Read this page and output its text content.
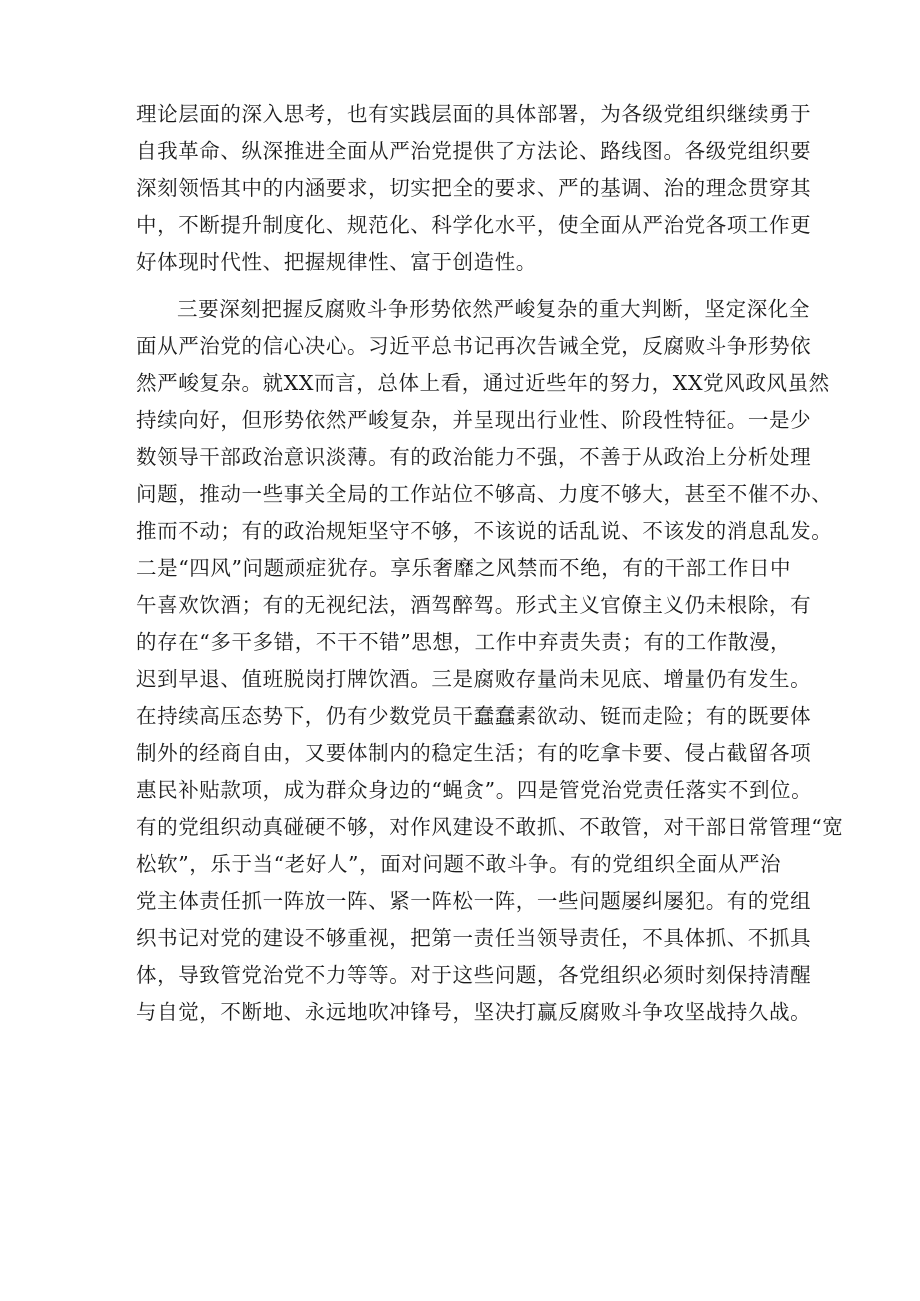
理论层面的深入思考，也有实践层面的具体部署，为各级党组织继续勇于
自我革命、纵深推进全面从严治党提供了方法论、路线图。各级党组织要
深刻领悟其中的内涵要求，切实把全的要求、严的基调、治的理念贯穿其
中，不断提升制度化、规范化、科学化水平，使全面从严治党各项工作更
好体现时代性、把握规律性、富于创造性。
三要深刻把握反腐败斗争形势依然严峻复杂的重大判断，坚定深化全
面从严治党的信心决心。习近平总书记再次告诫全党，反腐败斗争形势依
然严峻复杂。就XX而言，总体上看，通过近些年的努力，XX党风政风虽然
持续向好，但形势依然严峻复杂，并呈现出行业性、阶段性特征。一是少
数领导干部政治意识淡薄。有的政治能力不强，不善于从政治上分析处理
问题，推动一些事关全局的工作站位不够高、力度不够大，甚至不催不办、
推而不动；有的政治规矩坚守不够，不该说的话乱说、不该发的消息乱发。
二是“四风”问题顽症犹存。享乐奢靡之风禁而不绝，有的干部工作日中
午喜欢饮酒；有的无视纪法，酒驾醉驾。形式主义官僚主义仍未根除，有
的存在“多干多错，不干不错”思想，工作中弃责失责；有的工作散漫，
迟到早退、值班脱岗打牌饮酒。三是腐败存量尚未见底、增量仍有发生。
在持续高压态势下，仍有少数党员干蠢蠢素欲动、铤而走险；有的既要体
制外的经商自由，又要体制内的稳定生活；有的吃拿卡要、侵占截留各项
惠民补贴款项，成为群众身边的“蝇贪”。四是管党治党责任落实不到位。
有的党组织动真碰硬不够，对作风建设不敢抓、不敢管，对干部日常管理“宽
松软”，乐于当“老好人”，面对问题不敢斗争。有的党组织全面从严治
党主体责任抓一阵放一阵、紧一阵松一阵，一些问题屡纠屡犯。有的党组
织书记对党的建设不够重视，把第一责任当领导责任，不具体抓、不抓具
体，导致管党治党不力等等。对于这些问题，各党组织必须时刻保持清醒
与自觉，不断地、永远地吹冲锋号，坚决打赢反腐败斗争攻坚战持久战。
